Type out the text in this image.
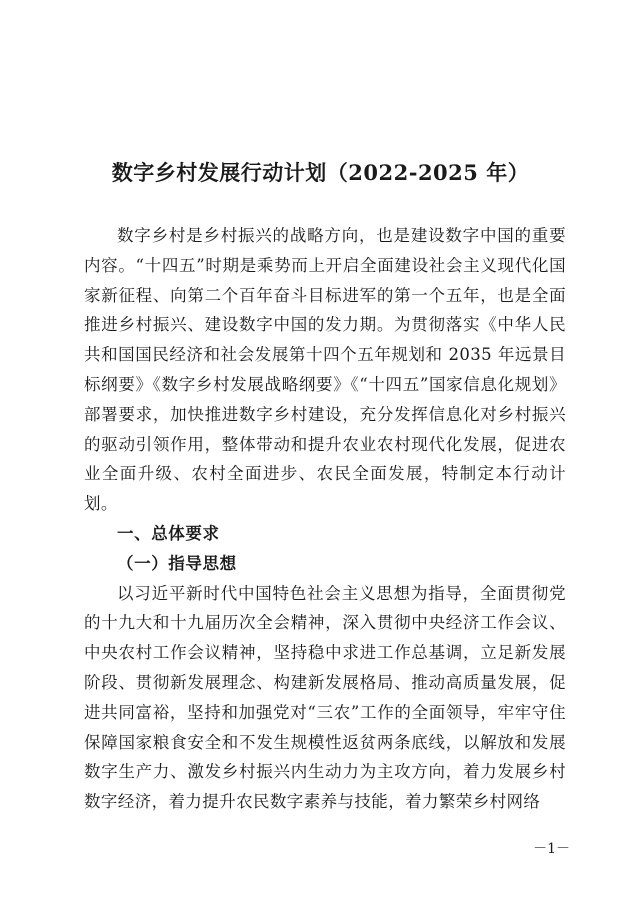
数字乡村发展行动计划（2022-2025 年）

数字乡村是乡村振兴的战略方向，也是建设数字中国的重要内容。“十四五”时期是乘势而上开启全面建设社会主义现代化国家新征程、向第二个百年奋斗目标进军的第一个五年，也是全面推进乡村振兴、建设数字中国的发力期。为贯彻落实《中华人民共和国国民经济和社会发展第十四个五年规划和 2035 年远景目标纲要》《数字乡村发展战略纲要》《“十四五”国家信息化规划》部署要求，加快推进数字乡村建设，充分发挥信息化对乡村振兴的驱动引领作用，整体带动和提升农业农村现代化发展，促进农业全面升级、农村全面进步、农民全面发展，特制定本行动计划。

一、总体要求

（一）指导思想

以习近平新时代中国特色社会主义思想为指导，全面贯彻党的十九大和十九届历次全会精神，深入贯彻中央经济工作会议、中央农村工作会议精神，坚持稳中求进工作总基调，立足新发展阶段、贯彻新发展理念、构建新发展格局、推动高质量发展，促进共同富裕，坚持和加强党对“三农”工作的全面领导，牢牢守住保障国家粮食安全和不发生规模性返贫两条底线，以解放和发展数字生产力、激发乡村振兴内生动力为主攻方向，着力发展乡村数字经济，着力提升农民数字素养与技能，着力繁荣乡村网络

－1－
